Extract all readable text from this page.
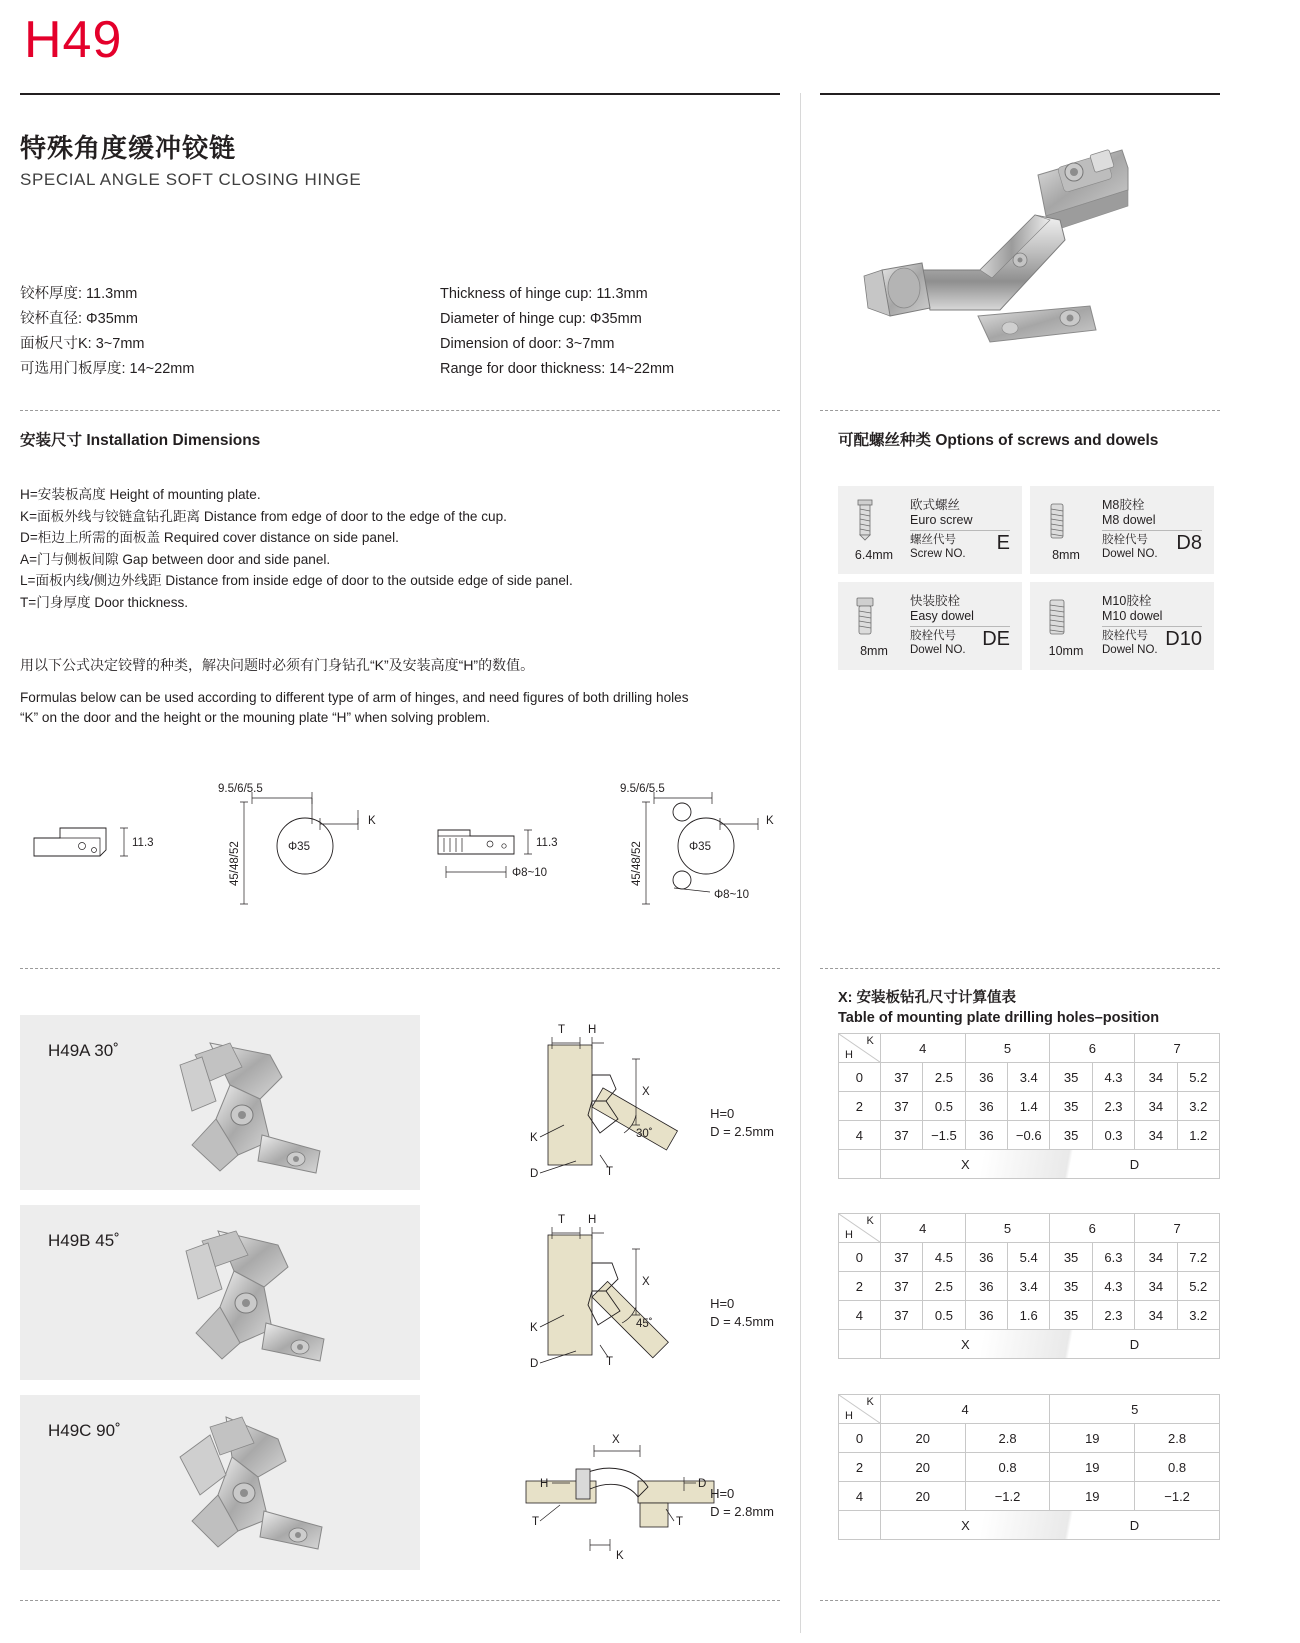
H49
特殊角度缓冲铰链
SPECIAL ANGLE SOFT CLOSING HINGE
铰杯厚度: 11.3mm
铰杯直径: Φ35mm
面板尺寸K: 3~7mm
可选用门板厚度: 14~22mm
Thickness of hinge cup: 11.3mm
Diameter of hinge cup: Φ35mm
Dimension of door: 3~7mm
Range for door thickness: 14~22mm
安装尺寸 Installation Dimensions

H=安装板高度 Height of mounting plate.

K=面板外线与铰链盒钻孔距离 Distance from edge of door to the edge of the cup.

D=柜边上所需的面板盖 Required cover distance on side panel.

A=门与侧板间隙 Gap between door and side panel.

L=面板内线/侧边外线距 Distance from inside edge of door to the outside edge of side panel.

T=门身厚度 Door thickness.

用以下公式决定铰臂的种类，解决问题时必须有门身钻孔“K”及安装高度“H”的数值。
Formulas below can be used according to different type of arm of hinges, and need figures of both drilling holes “K” on the door and the height or the mouning plate “H” when solving problem.
11.3	Φ35
45/48/52
9.5/6/5.5
K
11.3
Φ8~10
Φ35
45/48/52
9.5/6/5.5
K
Φ8~10
可配螺丝种类 Options of screws and dowels
6.4mm
欧式螺丝
Euro screw
螺丝代号
Screw NO. E
8mm
M8胶栓
M8 dowel
胶栓代号
Dowel NO. D8
8mm
快装胶栓
Easy dowel
胶栓代号
Dowel NO. DE
10mm
M10胶栓
M10 dowel
胶栓代号
Dowel NO. D10
H49A 30˚
T H
X
30˚
K
D	T
H=0
D = 2.5mm
H49B 45˚
T H
X
45˚
K
D	T
H=0
D = 4.5mm
H49C 90˚	X
H	D
T	T
K
H=0
D = 2.8mm
X: 安装板钻孔尺寸计算值表
Table of mounting plate drilling holes–position
K
H	4		5		6		7	
0	37	2.5	36	3.4	35	4.3	34	5.2
2	37	0.5	36	1.4	35	2.3	34	3.2
4	37	−1.5	36	−0.6	35	0.3	34	1.2

	X D							
K
H	4		5		6		7	
0	37	4.5	36	5.4	35	6.3	34	7.2
2	37	2.5	36	3.4	35	4.3	34	5.2
4	37	0.5	36	1.6	35	2.3	34	3.2

	X D							
K
H	4		5	
0	20	2.8	19	2.8
2	20	0.8	19	0.8
4	20	−1.2	19	−1.2

	X D			
